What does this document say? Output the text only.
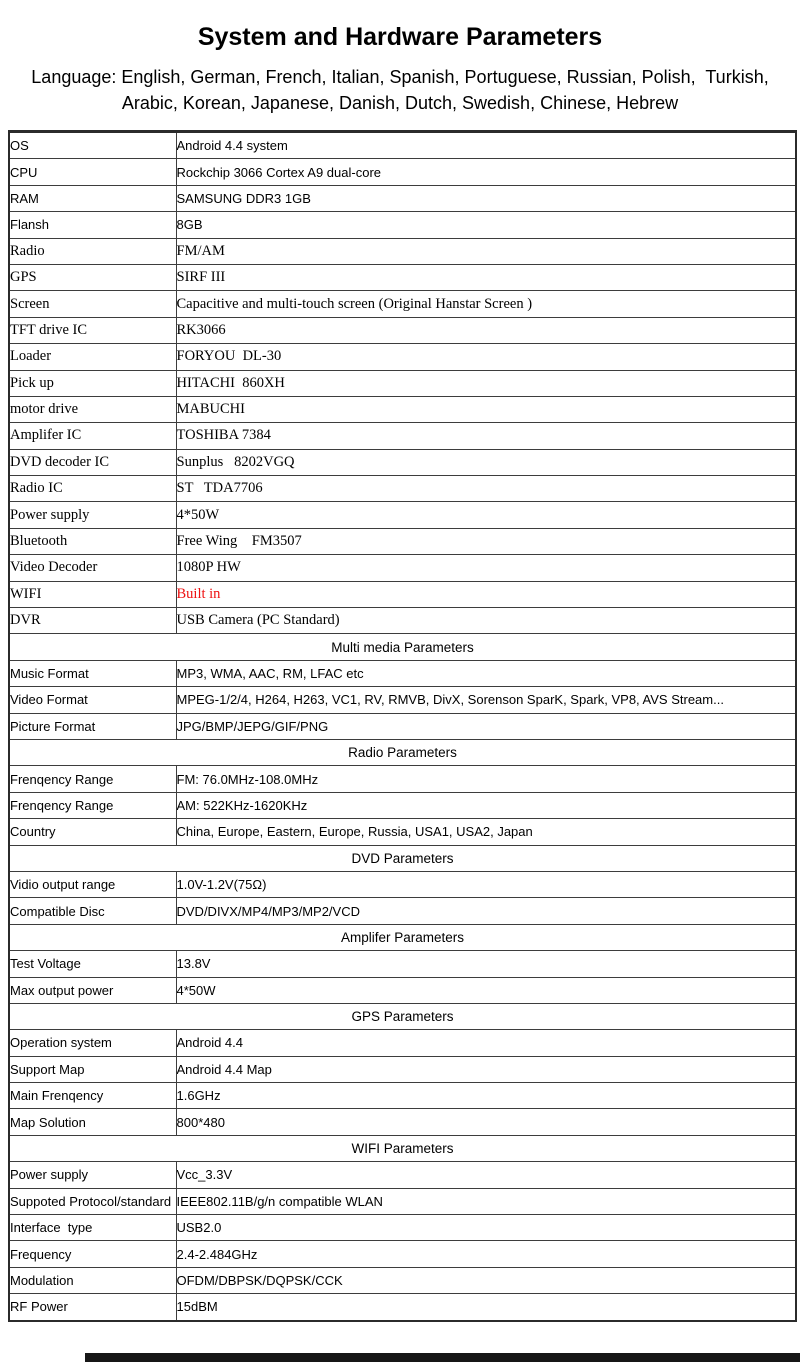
System and Hardware Parameters
Language: English, German, French, Italian, Spanish, Portuguese, Russian, Polish,  Turkish,
Arabic, Korean, Japanese, Danish, Dutch, Swedish, Chinese, Hebrew
OS	Android 4.4 system
CPU	Rockchip 3066 Cortex A9 dual-core
RAM	SAMSUNG DDR3 1GB
Flansh	8GB
Radio	FM/AM
GPS	SIRF III
Screen	Capacitive and multi-touch screen (Original Hanstar Screen )
TFT drive IC	RK3066
Loader	FORYOU  DL-30
Pick up	HITACHI  860XH
motor drive	MABUCHI
Amplifer IC	TOSHIBA 7384
DVD decoder IC	Sunplus   8202VGQ
Radio IC	ST   TDA7706
Power supply	4*50W
Bluetooth	Free Wing    FM3507
Video Decoder	1080P HW
WIFI	Built in
DVR	USB Camera (PC Standard)
Multi media Parameters	
Music Format	MP3, WMA, AAC, RM, LFAC etc
Video Format	MPEG-1/2/4, H264, H263, VC1, RV, RMVB, DivX, Sorenson SparK, Spark, VP8, AVS Stream...
Picture Format	JPG/BMP/JEPG/GIF/PNG
Radio Parameters	
Frenqency Range	FM: 76.0MHz-108.0MHz
Frenqency Range	AM: 522KHz-1620KHz
Country	China, Europe, Eastern, Europe, Russia, USA1, USA2, Japan
DVD Parameters	
Vidio output range	1.0V-1.2V(75Ω)
Compatible Disc	DVD/DIVX/MP4/MP3/MP2/VCD
Amplifer Parameters	
Test Voltage	13.8V
Max output power	4*50W
GPS Parameters	
Operation system	Android 4.4
Support Map	Android 4.4 Map
Main Frenqency	1.6GHz
Map Solution	800*480
WIFI Parameters	
Power supply	Vcc_3.3V
Suppoted Protocol/standard	IEEE802.11B/g/n compatible WLAN
Interface  type	USB2.0
Frequency	2.4-2.484GHz
Modulation	OFDM/DBPSK/DQPSK/CCK
RF Power	15dBM
